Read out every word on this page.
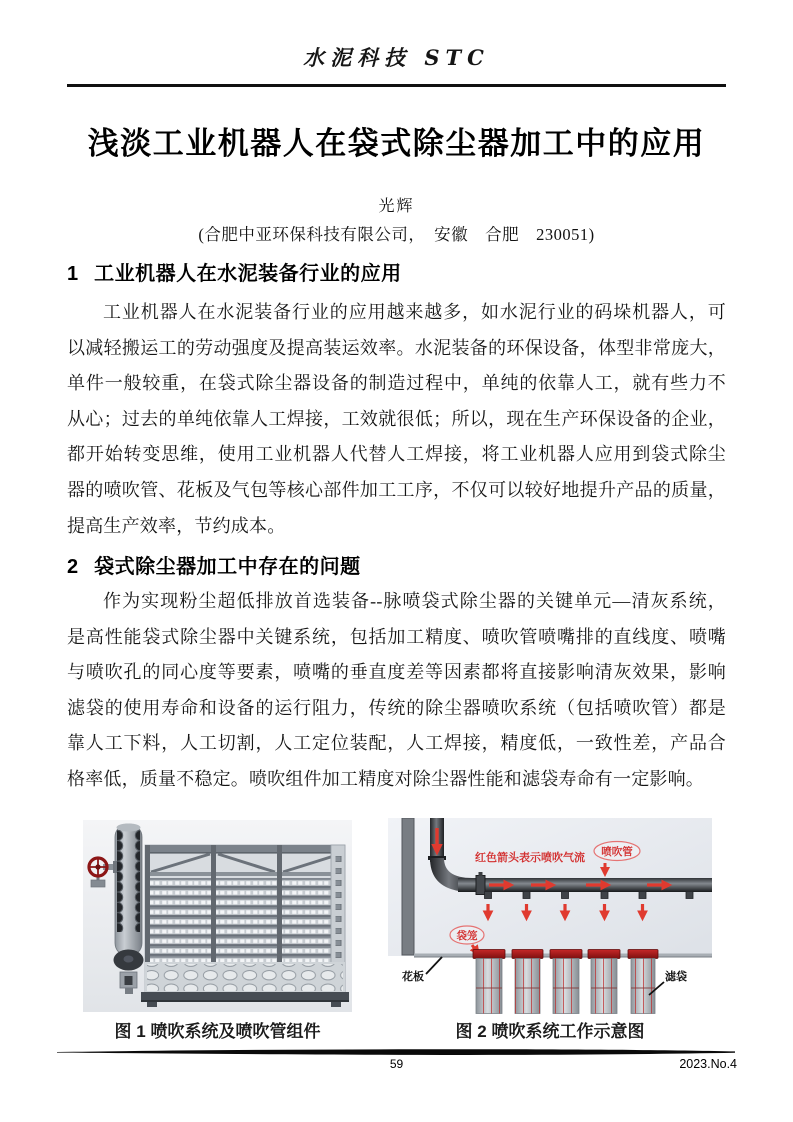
水泥科技 STC
浅淡工业机器人在袋式除尘器加工中的应用
光辉
(合肥中亚环保科技有限公司，　安徽　合肥　230051)
1 工业机器人在水泥装备行业的应用
工业机器人在水泥装备行业的应用越来越多，如水泥行业的码垛机器人，可
以减轻搬运工的劳动强度及提高装运效率。水泥装备的环保设备，体型非常庞大，
单件一般较重，在袋式除尘器设备的制造过程中，单纯的依靠人工，就有些力不
从心；过去的单纯依靠人工焊接，工效就很低；所以，现在生产环保设备的企业，
都开始转变思维，使用工业机器人代替人工焊接，将工业机器人应用到袋式除尘
器的喷吹管、花板及气包等核心部件加工工序，不仅可以较好地提升产品的质量，
提高生产效率，节约成本。
2 袋式除尘器加工中存在的问题
作为实现粉尘超低排放首选装备--脉喷袋式除尘器的关键单元—清灰系统，
是高性能袋式除尘器中关键系统，包括加工精度、喷吹管喷嘴排的直线度、喷嘴
与喷吹孔的同心度等要素，喷嘴的垂直度差等因素都将直接影响清灰效果，影响
滤袋的使用寿命和设备的运行阻力，传统的除尘器喷吹系统（包括喷吹管）都是
靠人工下料，人工切割，人工定位装配，人工焊接，精度低，一致性差，产品合
格率低，质量不稳定。喷吹组件加工精度对除尘器性能和滤袋寿命有一定影响。
红色箭头表示喷吹气流 喷吹管
袋笼
花板	滤袋
图 1 喷吹系统及喷吹管组件	图 2 喷吹系统工作示意图
59	2023.No.4
